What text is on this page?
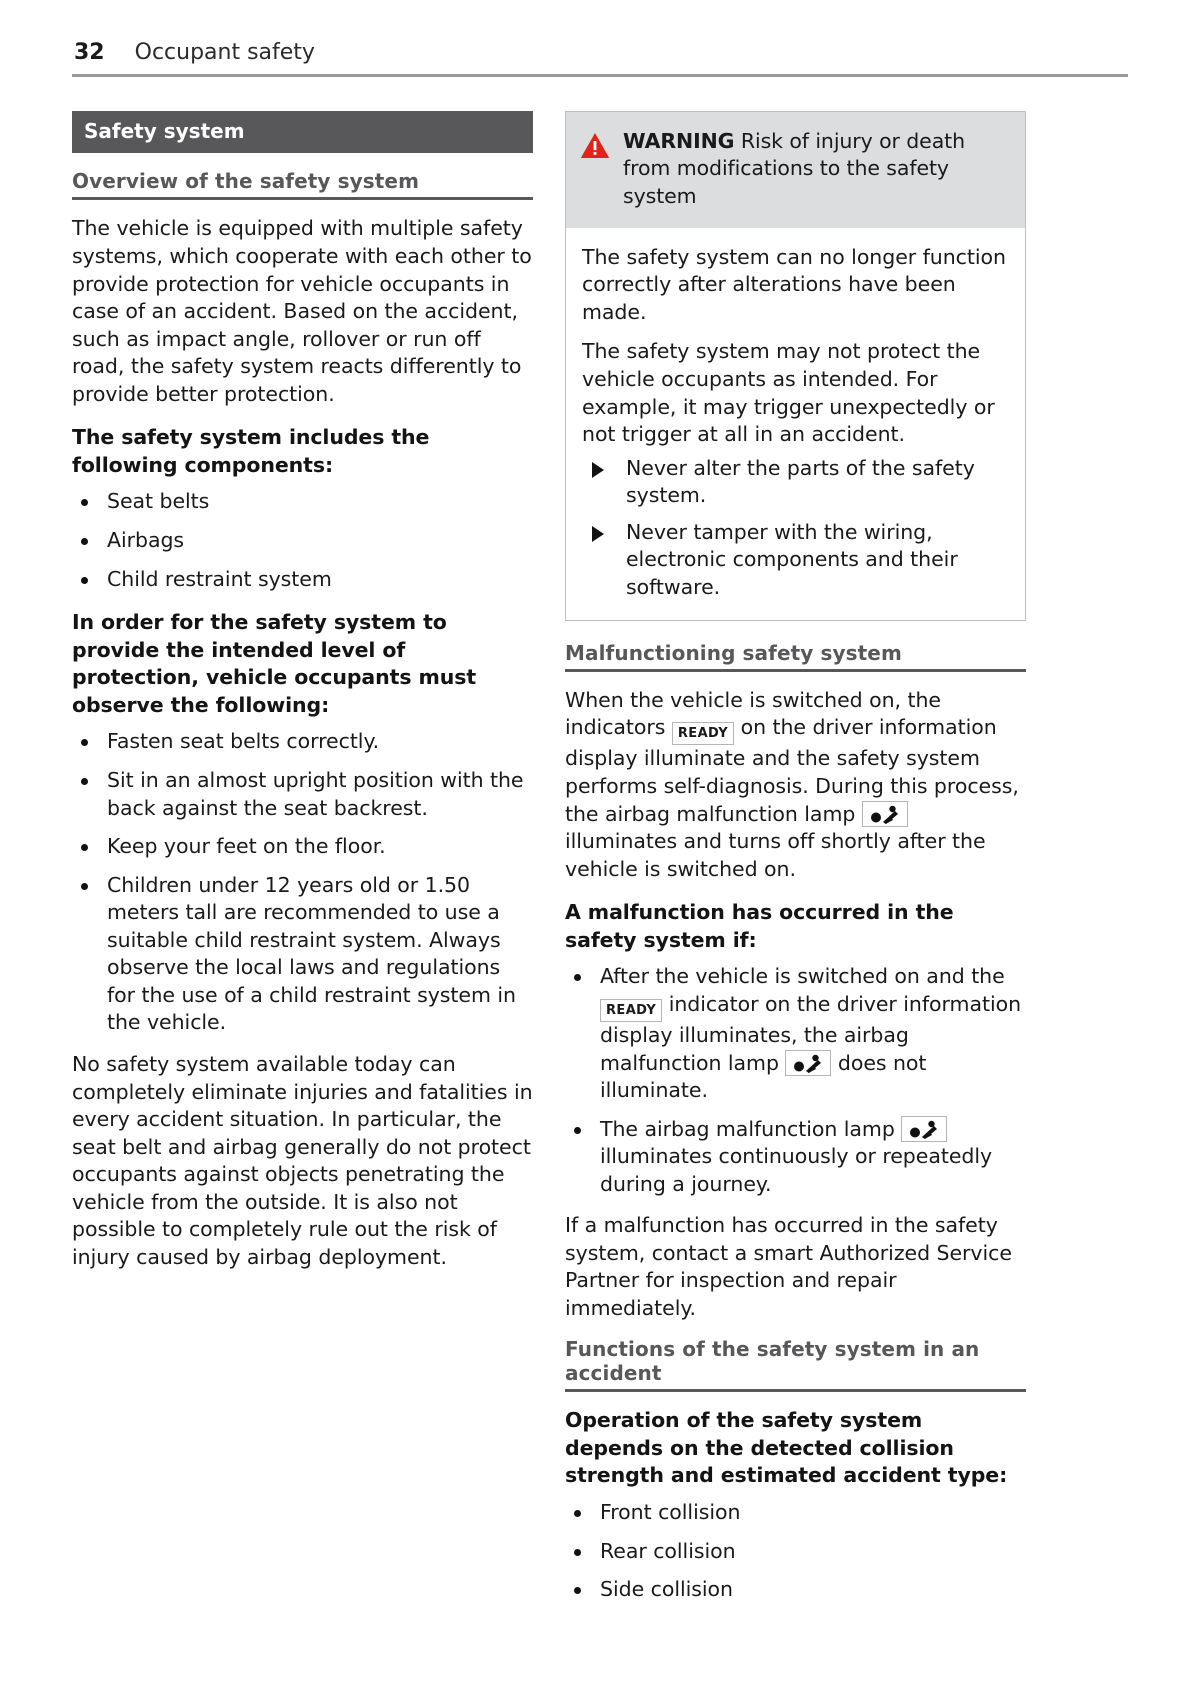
32 Occupant safety
Safety system
Overview of the safety system

The vehicle is equipped with multiple safety systems, which cooperate with each other to provide protection for vehicle occupants in case of an accident. Based on the accident, such as impact angle, rollover or run off road, the safety system reacts differently to provide better protection.

The safety system includes the following components:

Seat belts
Airbags
Child restraint system

In order for the safety system to provide the intended level of protection, vehicle occupants must observe the following:

Fasten seat belts correctly.
Sit in an almost upright position with the back against the seat backrest.
Keep your feet on the floor.
Children under 12 years old or 1.50 meters tall are recommended to use a suitable child restraint system. Always observe the local laws and regulations for the use of a child restraint system in the vehicle.

No safety system available today can completely eliminate injuries and fatalities in every accident situation. In particular, the seat belt and airbag generally do not protect occupants against objects penetrating the vehicle from the outside. It is also not possible to completely rule out the risk of injury caused by airbag deployment.

WARNING Risk of injury or death from modifications to the safety system

The safety system can no longer function correctly after alterations have been made.

The safety system may not protect the vehicle occupants as intended. For example, it may trigger unexpectedly or not trigger at all in an accident.

Never alter the parts of the safety system.
Never tamper with the wiring, electronic components and their software.
Malfunctioning safety system

When the vehicle is switched on, the indicators READY on the driver information display illuminate and the safety system performs self-diagnosis. During this process, the airbag malfunction lamp
illuminates and turns off shortly after the vehicle is switched on.

A malfunction has occurred in the safety system if:

After the vehicle is switched on and the READY indicator on the driver information display illuminates, the airbag malfunction lamp	does not illuminate.
The airbag malfunction lamp
illuminates continuously or repeatedly during a journey.

If a malfunction has occurred in the safety system, contact a smart Authorized Service Partner for inspection and repair immediately.

Functions of the safety system in an accident

Operation of the safety system depends on the detected collision strength and estimated accident type:

Front collision
Rear collision
Side collision
